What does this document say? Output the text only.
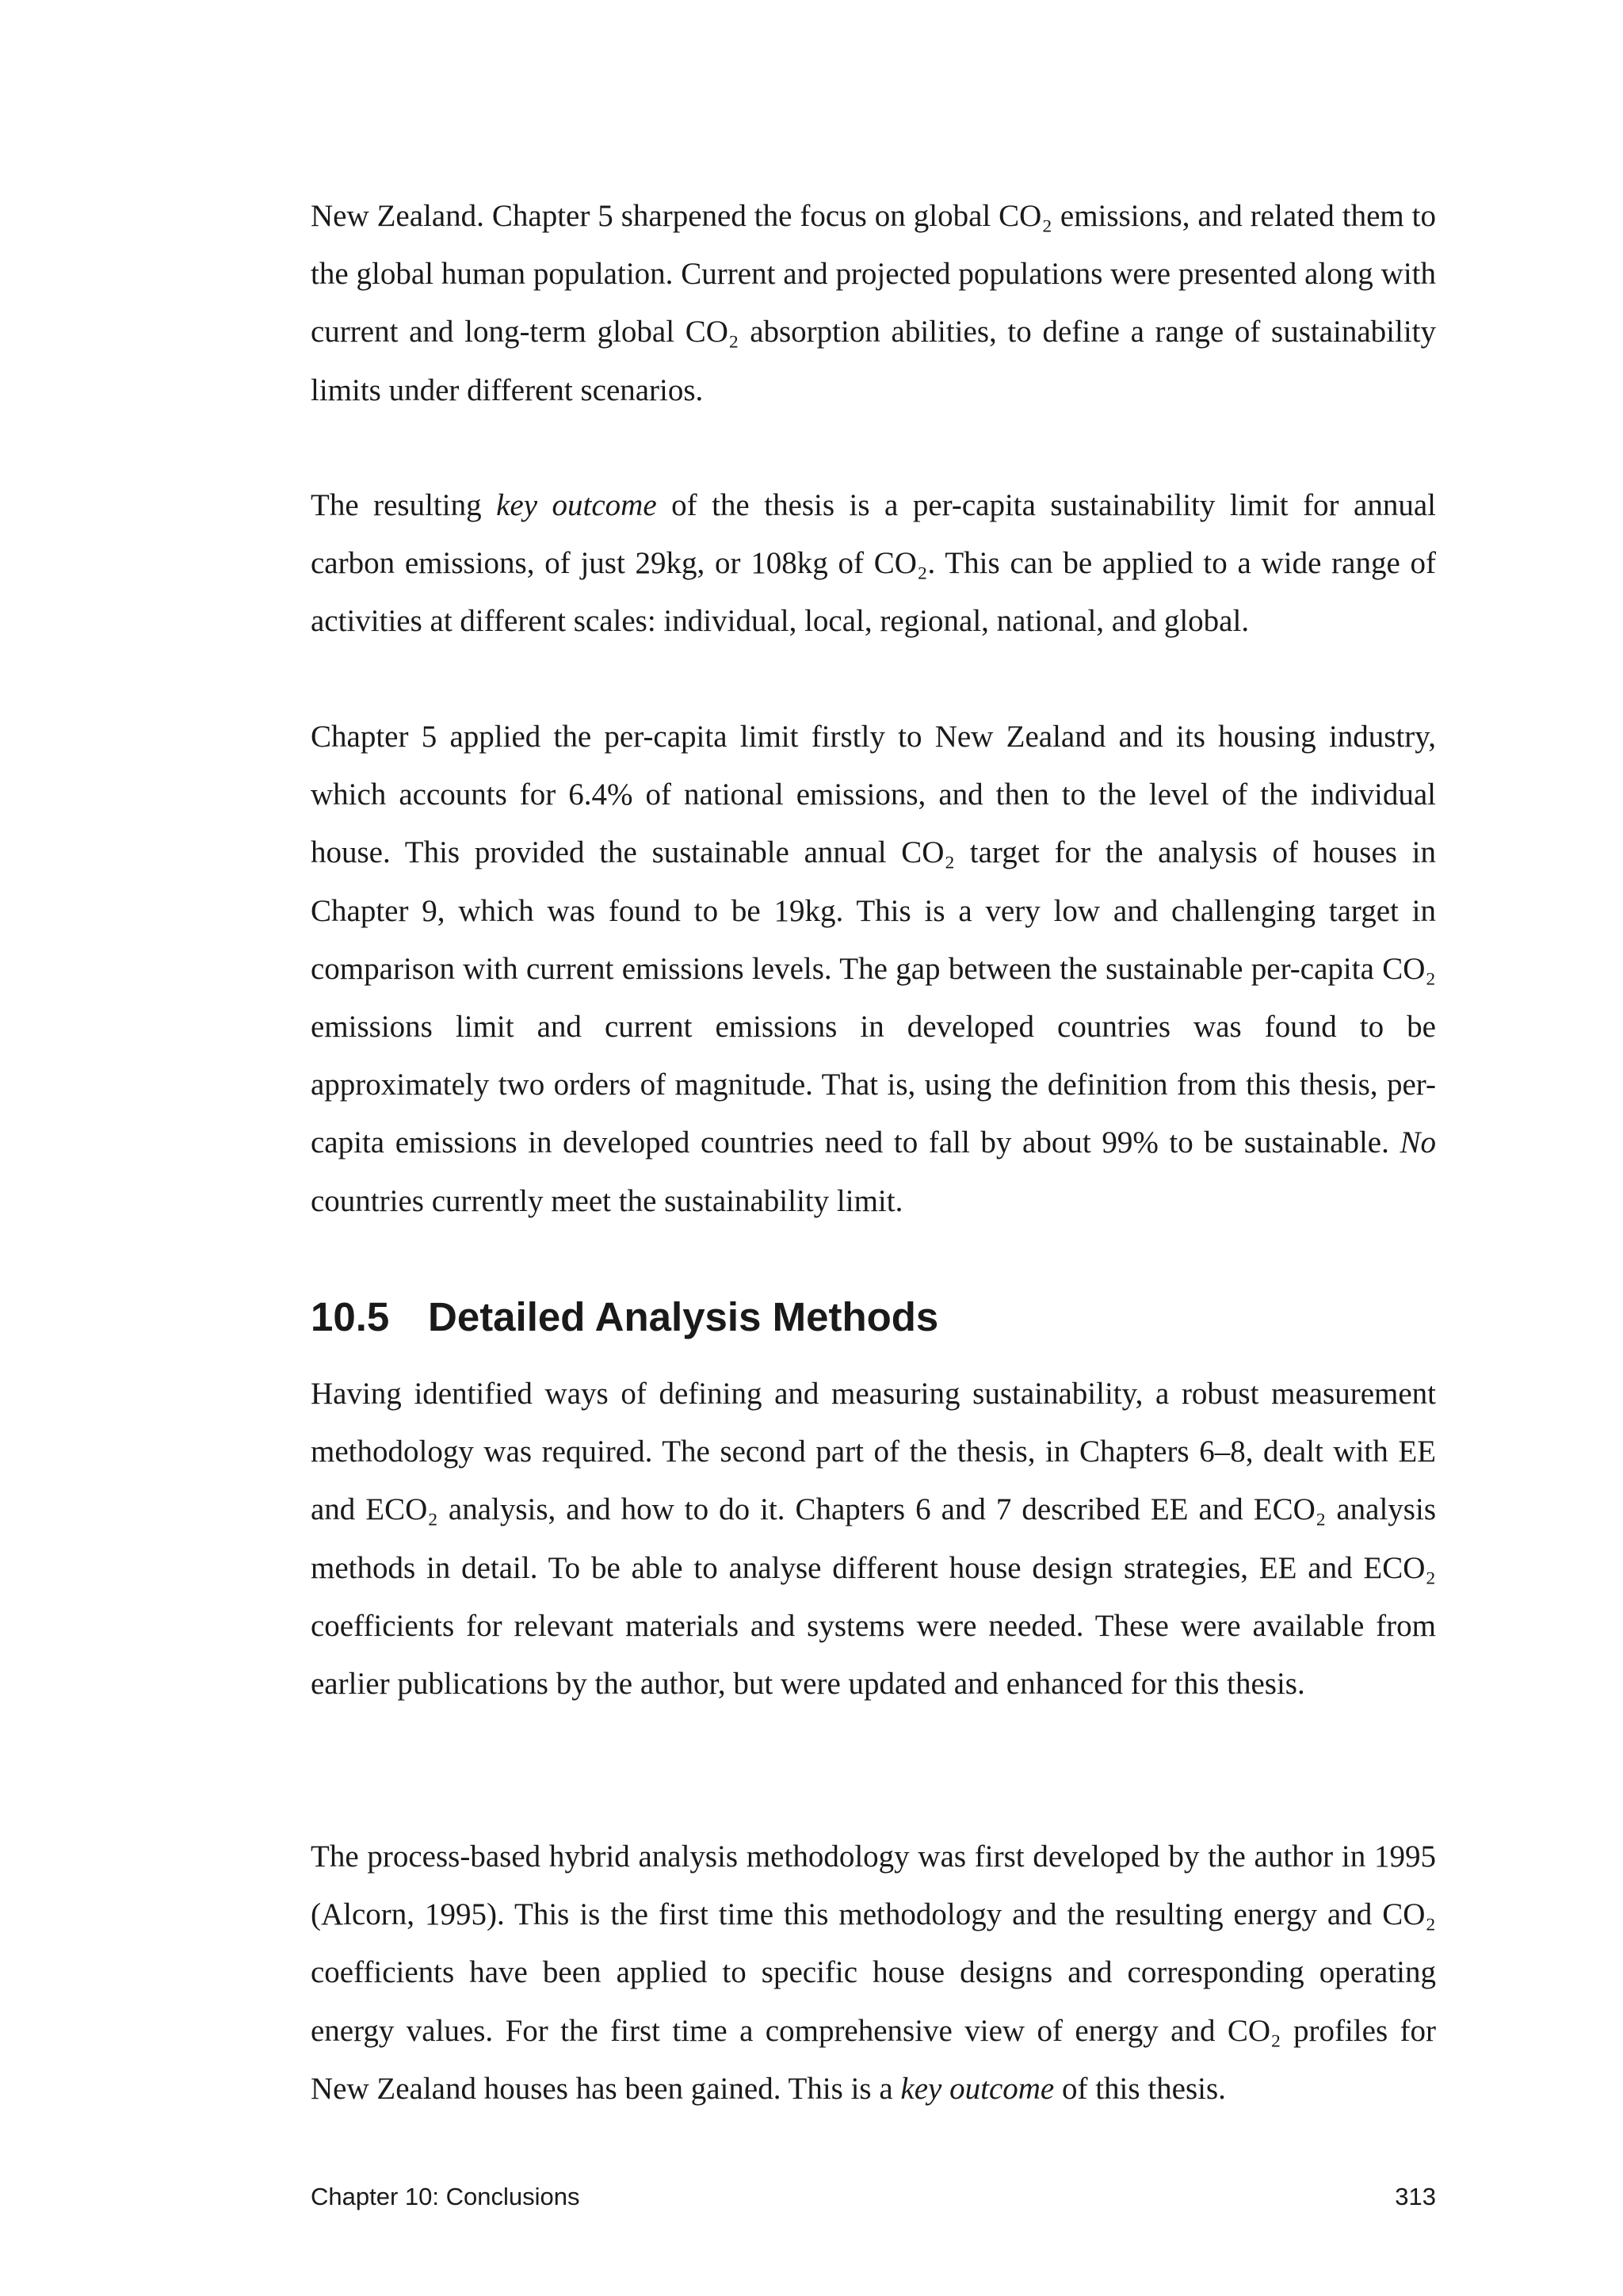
New Zealand. Chapter 5 sharpened the focus on global CO₂ emissions, and related them to the global human population. Current and projected populations were presented along with current and long-term global CO₂ absorption abilities, to define a range of sustainability limits under different scenarios.

The resulting key outcome of the thesis is a per-capita sustainability limit for annual carbon emissions, of just 29kg, or 108kg of CO₂. This can be applied to a wide range of activities at different scales: individual, local, regional, national, and global.

Chapter 5 applied the per-capita limit firstly to New Zealand and its housing industry, which accounts for 6.4% of national emissions, and then to the level of the individual house. This provided the sustainable annual CO₂ target for the analysis of houses in Chapter 9, which was found to be 19kg. This is a very low and challenging target in comparison with current emissions levels. The gap between the sustainable per-capita CO₂ emissions limit and current emissions in developed countries was found to be approximately two orders of magnitude. That is, using the definition from this thesis, per-capita emissions in developed countries need to fall by about 99% to be sustainable. No countries currently meet the sustainability limit.

10.5 Detailed Analysis Methods

Having identified ways of defining and measuring sustainability, a robust measurement methodology was required. The second part of the thesis, in Chapters 6–8, dealt with EE and ECO₂ analysis, and how to do it. Chapters 6 and 7 described EE and ECO₂ analysis methods in detail. To be able to analyse different house design strategies, EE and ECO₂ coefficients for relevant materials and systems were needed. These were available from earlier publications by the author, but were updated and enhanced for this thesis.

The process-based hybrid analysis methodology was first developed by the author in 1995 (Alcorn, 1995). This is the first time this methodology and the resulting energy and CO₂ coefficients have been applied to specific house designs and corresponding operating energy values. For the first time a comprehensive view of energy and CO₂ profiles for New Zealand houses has been gained. This is a key outcome of this thesis.

Chapter 10: Conclusions	313
